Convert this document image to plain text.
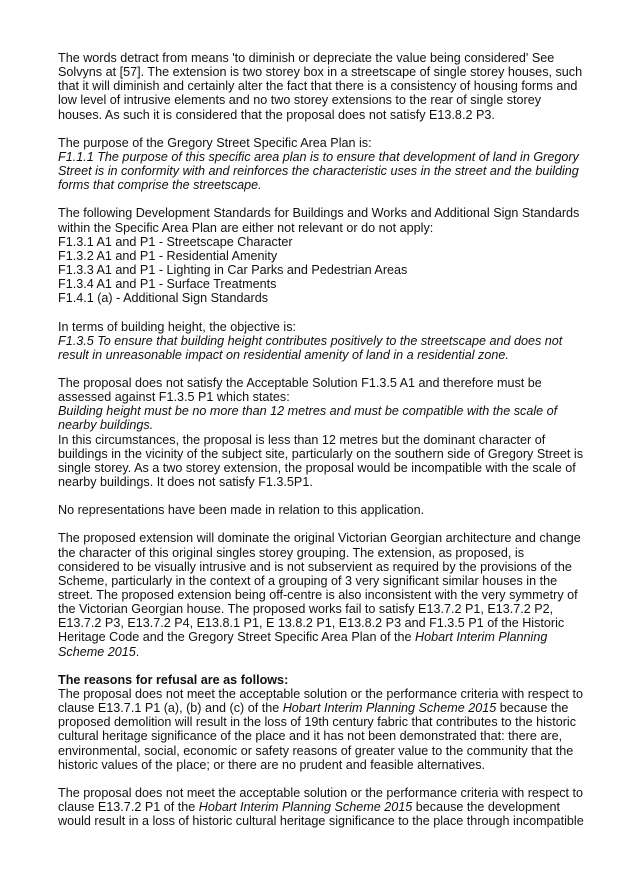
The words detract from means 'to diminish or depreciate the value being considered' See Solvyns at [57]. The extension is two storey box in a streetscape of single storey houses, such that it will diminish and certainly alter the fact that there is a consistency of housing forms and low level of intrusive elements and no two storey extensions to the rear of single storey houses. As such it is considered that the proposal does not satisfy E13.8.2 P3.

The purpose of the Gregory Street Specific Area Plan is:
F1.1.1 The purpose of this specific area plan is to ensure that development of land in Gregory Street is in conformity with and reinforces the characteristic uses in the street and the building forms that comprise the streetscape.

The following Development Standards for Buildings and Works and Additional Sign Standards within the Specific Area Plan are either not relevant or do not apply:
F1.3.1 A1 and P1 - Streetscape Character
F1.3.2 A1 and P1 - Residential Amenity
F1.3.3 A1 and P1 - Lighting in Car Parks and Pedestrian Areas
F1.3.4 A1 and P1 - Surface Treatments
F1.4.1 (a) - Additional Sign Standards

In terms of building height, the objective is:
F1.3.5 To ensure that building height contributes positively to the streetscape and does not result in unreasonable impact on residential amenity of land in a residential zone.

The proposal does not satisfy the Acceptable Solution F1.3.5 A1 and therefore must be assessed against F1.3.5 P1 which states:
Building height must be no more than 12 metres and must be compatible with the scale of nearby buildings.
In this circumstances, the proposal is less than 12 metres but the dominant character of buildings in the vicinity of the subject site, particularly on the southern side of Gregory Street is single storey. As a two storey extension, the proposal would be incompatible with the scale of nearby buildings. It does not satisfy F1.3.5P1.

No representations have been made in relation to this application.

The proposed extension will dominate the original Victorian Georgian architecture and change the character of this original singles storey grouping. The extension, as proposed, is considered to be visually intrusive and is not subservient as required by the provisions of the Scheme, particularly in the context of a grouping of 3 very significant similar houses in the street. The proposed extension being off-centre is also inconsistent with the very symmetry of the Victorian Georgian house. The proposed works fail to satisfy E13.7.2 P1, E13.7.2 P2, E13.7.2 P3, E13.7.2 P4, E13.8.1 P1, E 13.8.2 P1, E13.8.2 P3 and F1.3.5 P1 of the Historic Heritage Code and the Gregory Street Specific Area Plan of the Hobart Interim Planning Scheme 2015.

The reasons for refusal are as follows:

The proposal does not meet the acceptable solution or the performance criteria with respect to clause E13.7.1 P1 (a), (b) and (c) of the Hobart Interim Planning Scheme 2015 because the proposed demolition will result in the loss of 19th century fabric that contributes to the historic cultural heritage significance of the place and it has not been demonstrated that: there are, environmental, social, economic or safety reasons of greater value to the community that the historic values of the place; or there are no prudent and feasible alternatives.

The proposal does not meet the acceptable solution or the performance criteria with respect to clause E13.7.2 P1 of the Hobart Interim Planning Scheme 2015 because the development would result in a loss of historic cultural heritage significance to the place through incompatible
